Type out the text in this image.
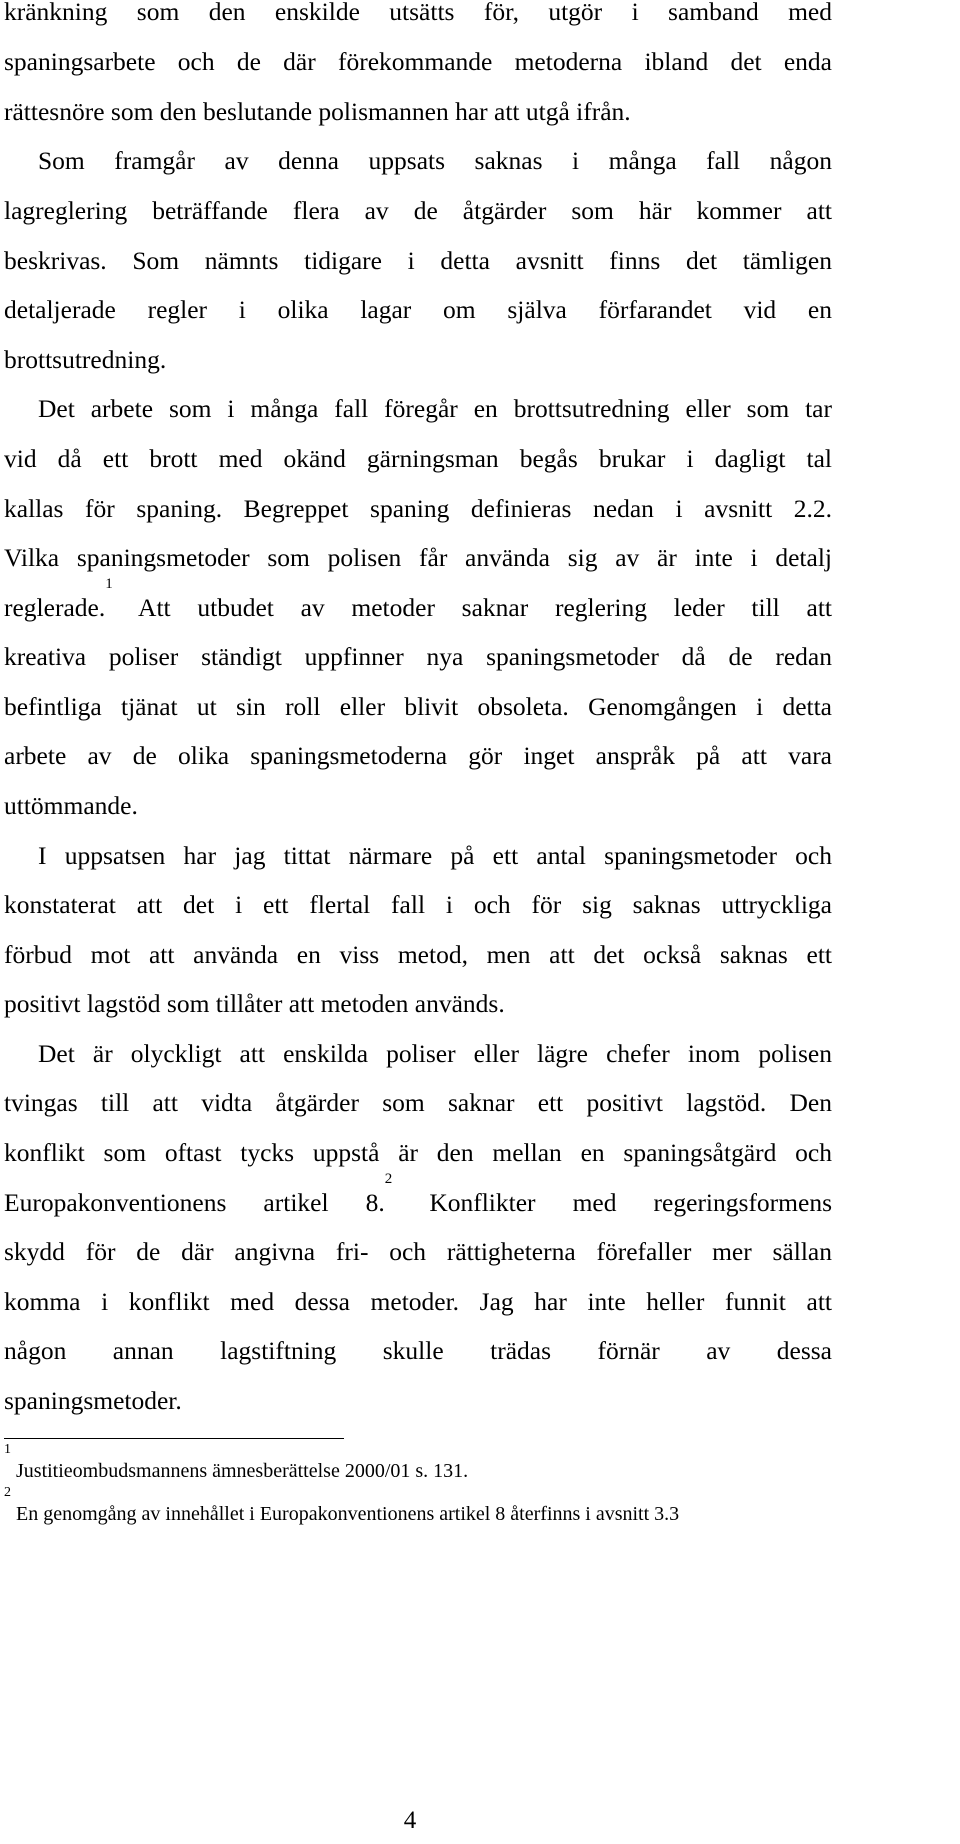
kränkning som den enskilde utsätts för, utgör i samband med
spaningsarbete och de där förekommande metoderna ibland det enda
rättesnöre som den beslutande polismannen har att utgå ifrån.
Som framgår av denna uppsats saknas i många fall någon
lagreglering beträffande flera av de åtgärder som här kommer att
beskrivas. Som nämnts tidigare i detta avsnitt finns det tämligen
detaljerade regler i olika lagar om själva förfarandet vid en
brottsutredning.
Det arbete som i många fall föregår en brottsutredning eller som tar
vid då ett brott med okänd gärningsman begås brukar i dagligt tal
kallas för spaning. Begreppet spaning definieras nedan i avsnitt 2.2.
Vilka spaningsmetoder som polisen får använda sig av är inte i detalj
reglerade.$^1$ Att utbudet av metoder saknar reglering leder till att
kreativa poliser ständigt uppfinner nya spaningsmetoder då de redan
befintliga tjänat ut sin roll eller blivit obsoleta. Genomgången i detta
arbete av de olika spaningsmetoderna gör inget anspråk på att vara
uttömmande.
I uppsatsen har jag tittat närmare på ett antal spaningsmetoder och
konstaterat att det i ett flertal fall i och för sig saknas uttryckliga
förbud mot att använda en viss metod, men att det också saknas ett
positivt lagstöd som tillåter att metoden används.
Det är olyckligt att enskilda poliser eller lägre chefer inom polisen
tvingas till att vidta åtgärder som saknar ett positivt lagstöd. Den
konflikt som oftast tycks uppstå är den mellan en spaningsåtgärd och
Europakonventionens artikel 8.$^2$ Konflikter med regeringsformens
skydd för de där angivna fri- och rättigheterna förefaller mer sällan
komma i konflikt med dessa metoder. Jag har inte heller funnit att
någon annan lagstiftning skulle trädas förnär av dessa
spaningsmetoder.
$^1$ Justitieombudsmannens ämnesberättelse 2000/01 s. 131.
$^2$ En genomgång av innehållet i Europakonventionens artikel 8 återfinns i avsnitt 3.3
4
